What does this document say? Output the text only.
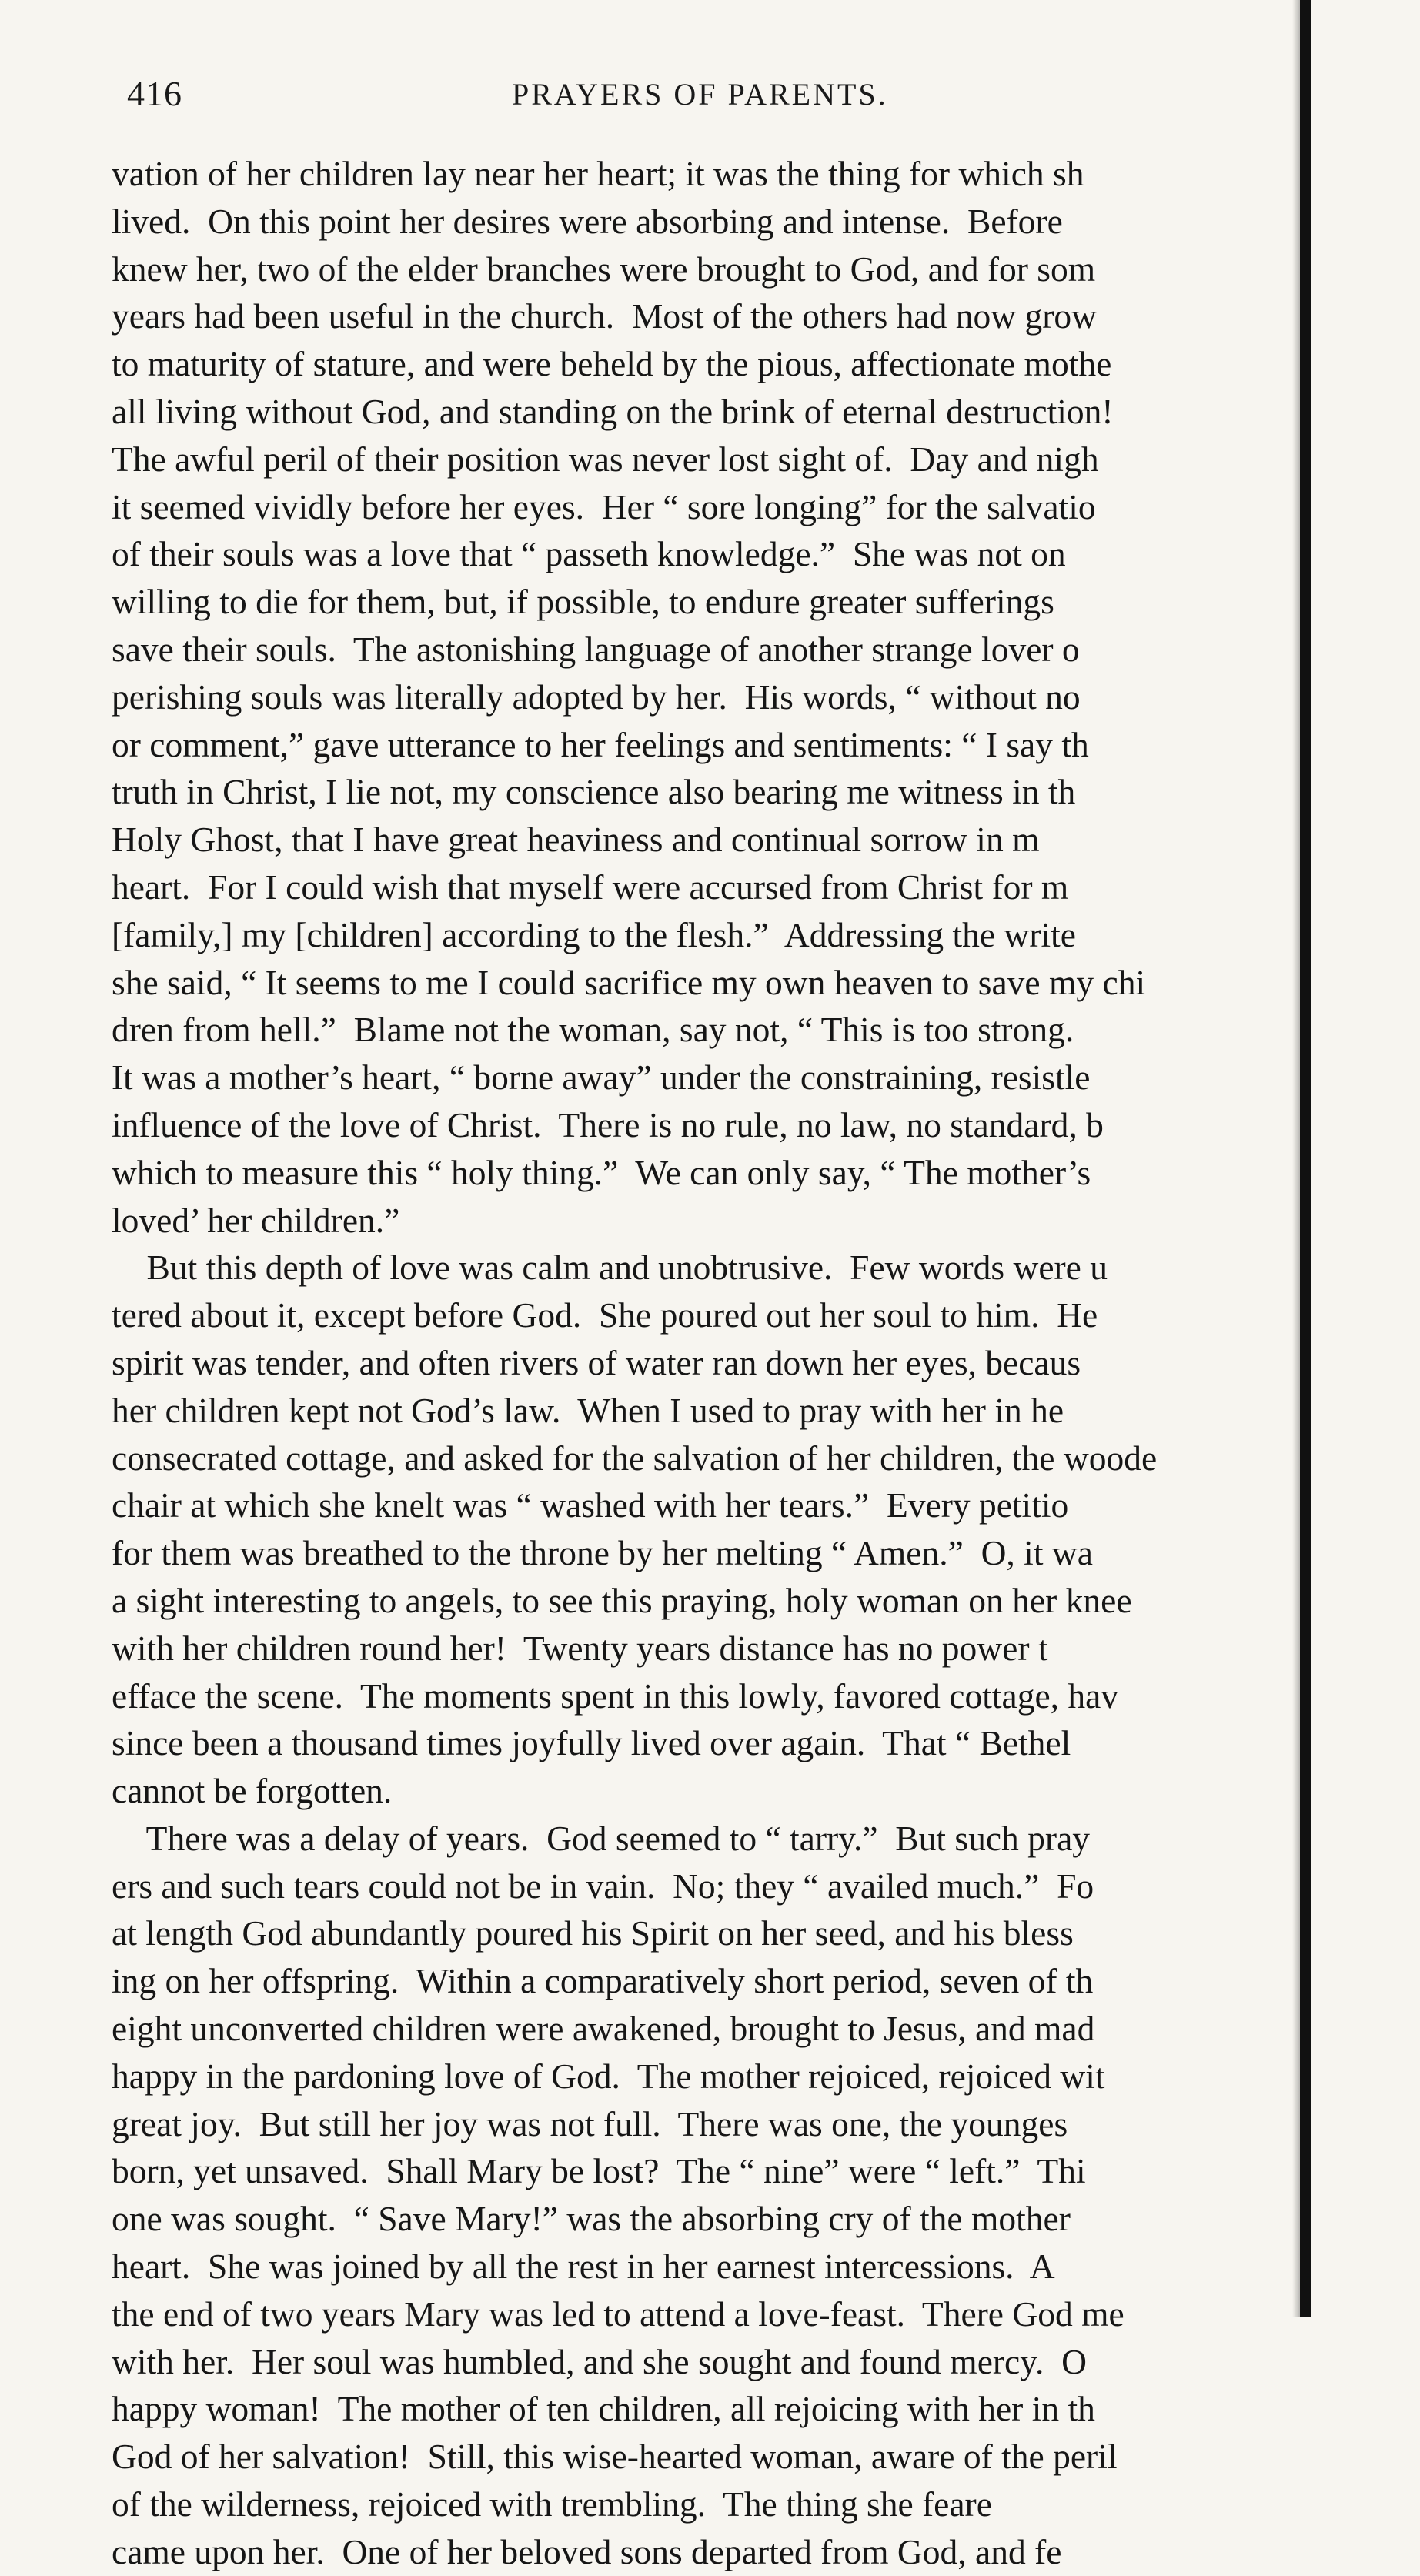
416	PRAYERS OF PARENTS.
vation of her children lay near her heart; it was the thing for which sh
lived.  On this point her desires were absorbing and intense.  Before
knew her, two of the elder branches were brought to God, and for som
years had been useful in the church.  Most of the others had now grow
to maturity of stature, and were beheld by the pious, affectionate mothe
all living without God, and standing on the brink of eternal destruction!
The awful peril of their position was never lost sight of.  Day and nigh
it seemed vividly before her eyes.  Her “ sore longing” for the salvatio
of their souls was a love that “ passeth knowledge.”  She was not on
willing to die for them, but, if possible, to endure greater sufferings
save their souls.  The astonishing language of another strange lover o
perishing souls was literally adopted by her.  His words, “ without no
or comment,” gave utterance to her feelings and sentiments: “ I say th
truth in Christ, I lie not, my conscience also bearing me witness in th
Holy Ghost, that I have great heaviness and continual sorrow in m
heart.  For I could wish that myself were accursed from Christ for m
[family,] my [children] according to the flesh.”  Addressing the write
she said, “ It seems to me I could sacrifice my own heaven to save my chi
dren from hell.”  Blame not the woman, say not, “ This is too strong.
It was a mother’s heart, “ borne away” under the constraining, resistle
influence of the love of Christ.  There is no rule, no law, no standard, b
which to measure this “ holy thing.”  We can only say, “ The mother’s
loved’ her children.”
But this depth of love was calm and unobtrusive.  Few words were u
tered about it, except before God.  She poured out her soul to him.  He
spirit was tender, and often rivers of water ran down her eyes, becaus
her children kept not God’s law.  When I used to pray with her in he
consecrated cottage, and asked for the salvation of her children, the woode
chair at which she knelt was “ washed with her tears.”  Every petitio
for them was breathed to the throne by her melting “ Amen.”  O, it wa
a sight interesting to angels, to see this praying, holy woman on her knee
with her children round her!  Twenty years distance has no power t
efface the scene.  The moments spent in this lowly, favored cottage, hav
since been a thousand times joyfully lived over again.  That “ Bethel
cannot be forgotten.
There was a delay of years.  God seemed to “ tarry.”  But such pray
ers and such tears could not be in vain.  No; they “ availed much.”  Fo
at length God abundantly poured his Spirit on her seed, and his bless
ing on her offspring.  Within a comparatively short period, seven of th
eight unconverted children were awakened, brought to Jesus, and mad
happy in the pardoning love of God.  The mother rejoiced, rejoiced wit
great joy.  But still her joy was not full.  There was one, the younges
born, yet unsaved.  Shall Mary be lost?  The “ nine” were “ left.”  Thi
one was sought.  “ Save Mary!” was the absorbing cry of the mother
heart.  She was joined by all the rest in her earnest intercessions.  A
the end of two years Mary was led to attend a love-feast.  There God me
with her.  Her soul was humbled, and she sought and found mercy.  O
happy woman!  The mother of ten children, all rejoicing with her in th
God of her salvation!  Still, this wise-hearted woman, aware of the peril
of the wilderness, rejoiced with trembling.  The thing she feare
came upon her.  One of her beloved sons departed from God, and fe
